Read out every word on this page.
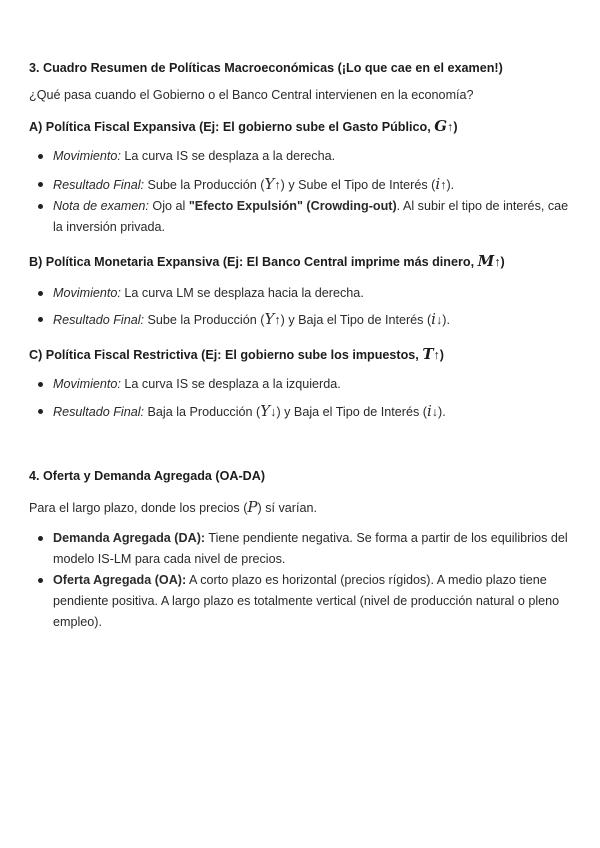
3. Cuadro Resumen de Políticas Macroeconómicas (¡Lo que cae en el examen!)
¿Qué pasa cuando el Gobierno o el Banco Central intervienen en la economía?
A) Política Fiscal Expansiva (Ej: El gobierno sube el Gasto Público, G↑)
Movimiento: La curva IS se desplaza a la derecha.
Resultado Final: Sube la Producción (Y↑) y Sube el Tipo de Interés (i↑).
Nota de examen: Ojo al "Efecto Expulsión" (Crowding-out). Al subir el tipo de interés, cae la inversión privada.
B) Política Monetaria Expansiva (Ej: El Banco Central imprime más dinero, M↑)
Movimiento: La curva LM se desplaza hacia la derecha.
Resultado Final: Sube la Producción (Y↑) y Baja el Tipo de Interés (i↓).
C) Política Fiscal Restrictiva (Ej: El gobierno sube los impuestos, T↑)
Movimiento: La curva IS se desplaza a la izquierda.
Resultado Final: Baja la Producción (Y↓) y Baja el Tipo de Interés (i↓).
4. Oferta y Demanda Agregada (OA-DA)
Para el largo plazo, donde los precios (P) sí varían.
Demanda Agregada (DA): Tiene pendiente negativa. Se forma a partir de los equilibrios del modelo IS-LM para cada nivel de precios.
Oferta Agregada (OA): A corto plazo es horizontal (precios rígidos). A medio plazo tiene pendiente positiva. A largo plazo es totalmente vertical (nivel de producción natural o pleno empleo).
